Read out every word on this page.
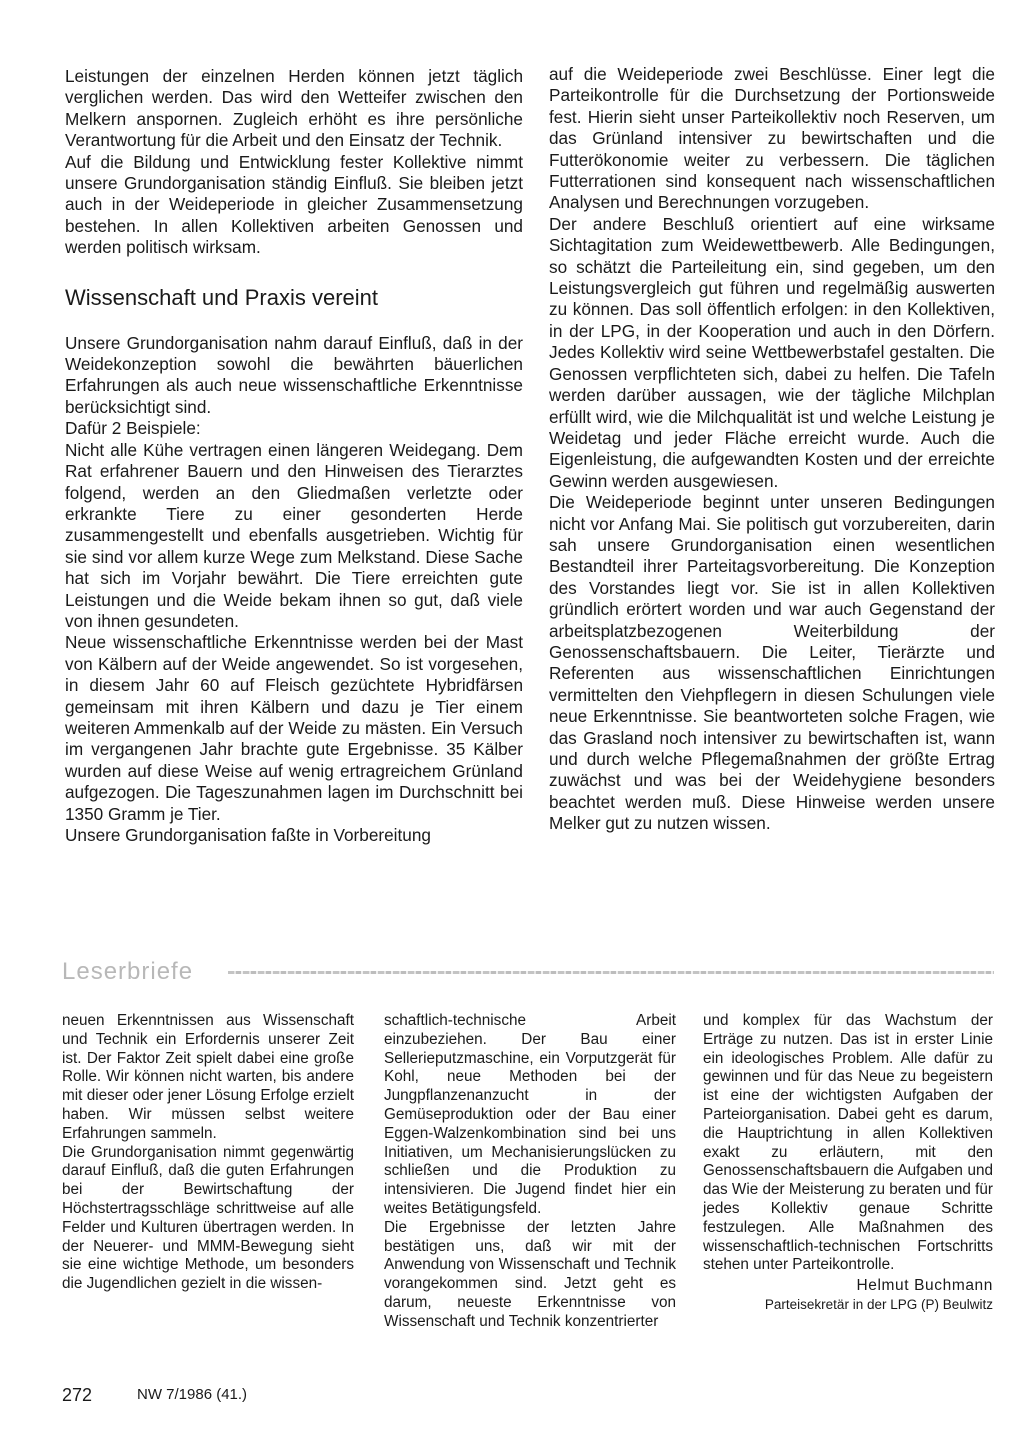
Leistungen der einzelnen Herden können jetzt täglich verglichen werden. Das wird den Wetteifer zwischen den Melkern anspornen. Zugleich erhöht es ihre persönliche Verantwortung für die Arbeit und den Einsatz der Technik.

Auf die Bildung und Entwicklung fester Kollektive nimmt unsere Grundorganisation ständig Einfluß. Sie bleiben jetzt auch in der Weideperiode in gleicher Zusammensetzung bestehen. In allen Kollektiven arbeiten Genossen und werden politisch wirksam.

Wissenschaft und Praxis vereint

Unsere Grundorganisation nahm darauf Einfluß, daß in der Weidekonzeption sowohl die bewährten bäuerlichen Erfahrungen als auch neue wissenschaftliche Erkenntnisse berücksichtigt sind.

Dafür 2 Beispiele:

Nicht alle Kühe vertragen einen längeren Weidegang. Dem Rat erfahrener Bauern und den Hinweisen des Tierarztes folgend, werden an den Gliedmaßen verletzte oder erkrankte Tiere zu einer gesonderten Herde zusammengestellt und ebenfalls ausgetrieben. Wichtig für sie sind vor allem kurze Wege zum Melkstand. Diese Sache hat sich im Vorjahr bewährt. Die Tiere erreichten gute Leistungen und die Weide bekam ihnen so gut, daß viele von ihnen gesundeten.

Neue wissenschaftliche Erkenntnisse werden bei der Mast von Kälbern auf der Weide angewendet. So ist vorgesehen, in diesem Jahr 60 auf Fleisch gezüchtete Hybridfärsen gemeinsam mit ihren Kälbern und dazu je Tier einem weiteren Ammenkalb auf der Weide zu mästen. Ein Versuch im vergangenen Jahr brachte gute Ergebnisse. 35 Kälber wurden auf diese Weise auf wenig ertragreichem Grünland aufgezogen. Die Tageszunahmen lagen im Durchschnitt bei 1350 Gramm je Tier.

Unsere Grundorganisation faßte in Vorbereitung

auf die Weideperiode zwei Beschlüsse. Einer legt die Parteikontrolle für die Durchsetzung der Portionsweide fest. Hierin sieht unser Parteikollektiv noch Reserven, um das Grünland intensiver zu bewirtschaften und die Futterökonomie weiter zu verbessern. Die täglichen Futterrationen sind konsequent nach wissenschaftlichen Analysen und Berechnungen vorzugeben.

Der andere Beschluß orientiert auf eine wirksame Sichtagitation zum Weidewettbewerb. Alle Bedingungen, so schätzt die Parteileitung ein, sind gegeben, um den Leistungsvergleich gut führen und regelmäßig auswerten zu können. Das soll öffentlich erfolgen: in den Kollektiven, in der LPG, in der Kooperation und auch in den Dörfern. Jedes Kollektiv wird seine Wettbewerbstafel gestalten. Die Genossen verpflichteten sich, dabei zu helfen. Die Tafeln werden darüber aussagen, wie der tägliche Milchplan erfüllt wird, wie die Milchqualität ist und welche Leistung je Weidetag und jeder Fläche erreicht wurde. Auch die Eigenleistung, die aufgewandten Kosten und der erreichte Gewinn werden ausgewiesen.

Die Weideperiode beginnt unter unseren Bedingungen nicht vor Anfang Mai. Sie politisch gut vorzubereiten, darin sah unsere Grundorganisation einen wesentlichen Bestandteil ihrer Parteitagsvorbereitung. Die Konzeption des Vorstandes liegt vor. Sie ist in allen Kollektiven gründlich erörtert worden und war auch Gegenstand der arbeitsplatzbezogenen Weiterbildung der Genossenschaftsbauern. Die Leiter, Tierärzte und Referenten aus wissenschaftlichen Einrichtungen vermittelten den Viehpflegern in diesen Schulungen viele neue Erkenntnisse. Sie beantworteten solche Fragen, wie das Grasland noch intensiver zu bewirtschaften ist, wann und durch welche Pflegemaßnahmen der größte Ertrag zuwächst und was bei der Weidehygiene besonders beachtet werden muß. Diese Hinweise werden unsere Melker gut zu nutzen wissen.

Leserbriefe

neuen Erkenntnissen aus Wissenschaft und Technik ein Erfordernis unserer Zeit ist. Der Faktor Zeit spielt dabei eine große Rolle. Wir können nicht warten, bis andere mit dieser oder jener Lösung Erfolge erzielt haben. Wir müssen selbst weitere Erfahrungen sammeln.

Die Grundorganisation nimmt gegenwärtig darauf Einfluß, daß die guten Erfahrungen bei der Bewirtschaftung der Höchstertragsschläge schrittweise auf alle Felder und Kulturen übertragen werden. In der Neuerer- und MMM-Bewegung sieht sie eine wichtige Methode, um besonders die Jugendlichen gezielt in die wissen-

schaftlich-technische Arbeit einzubeziehen. Der Bau einer Sellerieputzmaschine, ein Vorputzgerät für Kohl, neue Methoden bei der Jungpflanzenanzucht in der Gemüseproduktion oder der Bau einer Eggen-Walzenkombination sind bei uns Initiativen, um Mechanisierungslücken zu schließen und die Produktion zu intensivieren. Die Jugend findet hier ein weites Betätigungsfeld.

Die Ergebnisse der letzten Jahre bestätigen uns, daß wir mit der Anwendung von Wissenschaft und Technik vorangekommen sind. Jetzt geht es darum, neueste Erkenntnisse von Wissenschaft und Technik konzentrierter

und komplex für das Wachstum der Erträge zu nutzen. Das ist in erster Linie ein ideologisches Problem. Alle dafür zu gewinnen und für das Neue zu begeistern ist eine der wichtigsten Aufgaben der Parteiorganisation. Dabei geht es darum, die Hauptrichtung in allen Kollektiven exakt zu erläutern, mit den Genossenschaftsbauern die Aufgaben und das Wie der Meisterung zu beraten und für jedes Kollektiv genaue Schritte festzulegen. Alle Maßnahmen des wissenschaftlich-technischen Fortschritts stehen unter Parteikontrolle.

Helmut Buchmann
Parteisekretär in der LPG (P) Beulwitz
272	NW 7/1986 (41.)
